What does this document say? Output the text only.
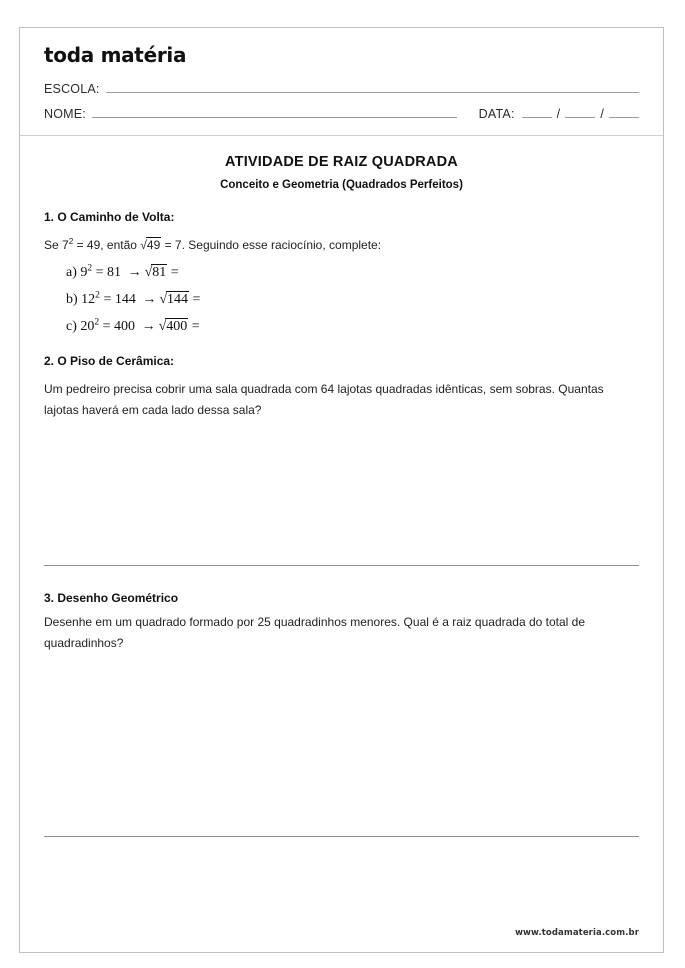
toda matéria
ESCOLA:
NOME:	DATA:	/	/
ATIVIDADE DE RAIZ QUADRADA
Conceito e Geometria (Quadrados Perfeitos)
1. O Caminho de Volta:

Se $7^2 = 49$, então √49 = 7. Seguindo esse raciocínio, complete:

a) $9^2 = 81 \to √81$ =
b) $12^2 = 144 \to √144$ =
c) $20^2 = 400 \to √400$ =
2. O Piso de Cerâmica:

Um pedreiro precisa cobrir uma sala quadrada com 64 lajotas quadradas idênticas, sem sobras. Quantas lajotas haverá em cada lado dessa sala?

3. Desenho Geométrico

Desenhe em um quadrado formado por 25 quadradinhos menores. Qual é a raiz quadrada do total de quadradinhos?

www.todamateria.com.br
